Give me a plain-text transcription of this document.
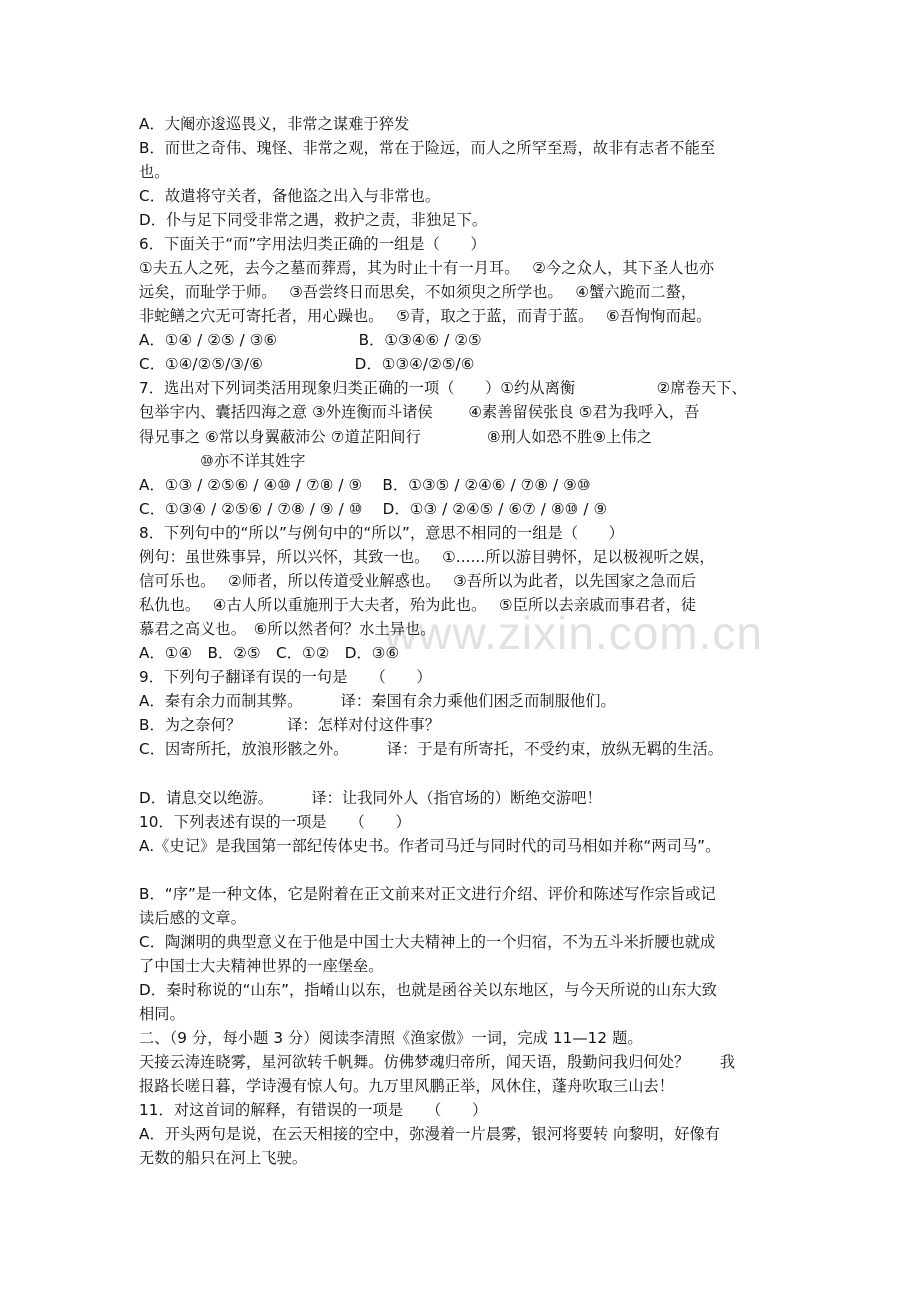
www.zixin.com.cn
A．大阉亦逡巡畏义，非常之谋难于猝发
B．而世之奇伟、瑰怪、非常之观，常在于险远，而人之所罕至焉，故非有志者不能至
也。
C．故遣将守关者，备他盗之出入与非常也。
D．仆与足下同受非常之遇，救护之责，非独足下。
6．下面关于“而”字用法归类正确的一组是（　　）
①夫五人之死，去今之墓而葬焉，其为时止十有一月耳。　 ②今之众人，其下圣人也亦
远矣，而耻学于师。　 ③吾尝终日而思矣，不如须臾之所学也。　 ④蟹六跪而二螯，
非蛇鳝之穴无可寄托者，用心躁也。　 ⑤青，取之于蓝，而青于蓝。　 ⑥吾恂恂而起。
A．①④ / ②⑤ / ③⑥　　　　　 B．①③④⑥ / ②⑤
C．①④/②⑤/③/⑥　　　　　　D．①③④/②⑤/⑥
7．选出对下列词类活用现象归类正确的一项（　　）①约从离衡　　　　　 ②席卷天下、
包举宇内、囊括四海之意 ③外连衡而斗诸侯　　 ④素善留侯张良 ⑤君为我呼入，吾
得兄事之 ⑥常以身翼蔽沛公 ⑦道芷阳间行　　　　 ⑧刑人如恐不胜⑨上伟之
　　　　⑩亦不详其姓字
A．①③ / ②⑤⑥ / ④⑩ / ⑦⑧ / ⑨　 B．①③⑤ / ②④⑥ / ⑦⑧ / ⑨⑩
C．①③④ / ②⑤⑥ / ⑦⑧ / ⑨ / ⑩　 D．①③ / ②④⑤ / ⑥⑦ / ⑧⑩ / ⑨
8．下列句中的“所以”与例句中的“所以”，意思不相同的一组是（　　）
例句：虽世殊事异，所以兴怀，其致一也。　 ①......所以游目骋怀，足以极视听之娱，
信可乐也。　 ②师者，所以传道受业解惑也。　 ③吾所以为此者，以先国家之急而后
私仇也。　 ④古人所以重施刑于大夫者，殆为此也。　 ⑤臣所以去亲戚而事君者，徒
慕君之高义也。　⑥所以然者何？水土异也。
A．①④　B．②⑤　C．①②　D．③⑥
9．下列句子翻译有误的一句是　　（　　）
A．秦有余力而制其弊。　　　译：秦国有余力乘他们困乏而制服他们。
B．为之奈何？　　　译：怎样对付这件事？
C．因寄所托，放浪形骸之外。　　　译：于是有所寄托，不受约束，放纵无羁的生活。
D．请息交以绝游。　　　译：让我同外人（指官场的）断绝交游吧！
10．下列表述有误的一项是　　（　　）
A.《史记》是我国第一部纪传体史书。作者司马迁与同时代的司马相如并称“两司马”。
B．“序”是一种文体，它是附着在正文前来对正文进行介绍、评价和陈述写作宗旨或记
读后感的文章。
C．陶渊明的典型意义在于他是中国士大夫精神上的一个归宿，不为五斗米折腰也就成
了中国士大夫精神世界的一座堡垒。
D．秦时称说的“山东”，指崤山以东，也就是函谷关以东地区，与今天所说的山东大致
相同。
二、（9 分，每小题 3 分）阅读李清照《渔家傲》一词，完成 11—12 题。
天接云涛连晓雾，星河欲转千帆舞。仿佛梦魂归帝所，闻天语，殷勤问我归何处？　　我
报路长嗟日暮，学诗漫有惊人句。九万里风鹏正举，风休住，蓬舟吹取三山去！
11．对这首词的解释，有错误的一项是　　（　　）
A．开头两句是说，在云天相接的空中，弥漫着一片晨雾，银河将要转 向黎明，好像有
无数的船只在河上飞驶。
